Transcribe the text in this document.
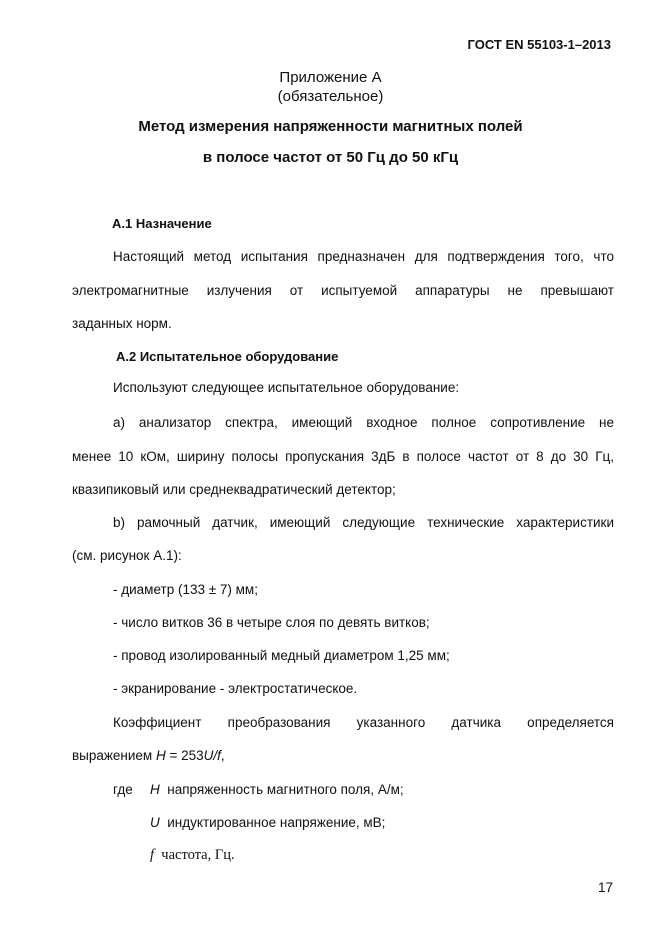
ГОСТ EN 55103-1–2013
Приложение А
(обязательное)
Метод измерения напряженности магнитных полей
в полосе частот от 50 Гц до 50 кГц
А.1 Назначение
Настоящий метод испытания предназначен для подтверждения того, что
электромагнитные излучения от испытуемой аппаратуры не превышают
заданных норм.
А.2 Испытательное оборудование
Используют следующее испытательное оборудование:
а) анализатор спектра, имеющий входное полное сопротивление не
менее 10 кОм, ширину полосы пропускания 3дБ в полосе частот от 8 до 30 Гц,
квазипиковый или среднеквадратический детектор;
b) рамочный датчик, имеющий следующие технические характеристики
(см. рисунок А.1):
- диаметр (133 ± 7) мм;
- число витков 36 в четыре слоя по девять витков;
- провод изолированный медный диаметром 1,25 мм;
- экранирование - электростатическое.
Коэффициент преобразования указанного датчика определяется
выражением H = 253U/f,
где H напряженность магнитного поля, А/м;
U индуктированное напряжение, мВ;
f частота, Гц.
17
